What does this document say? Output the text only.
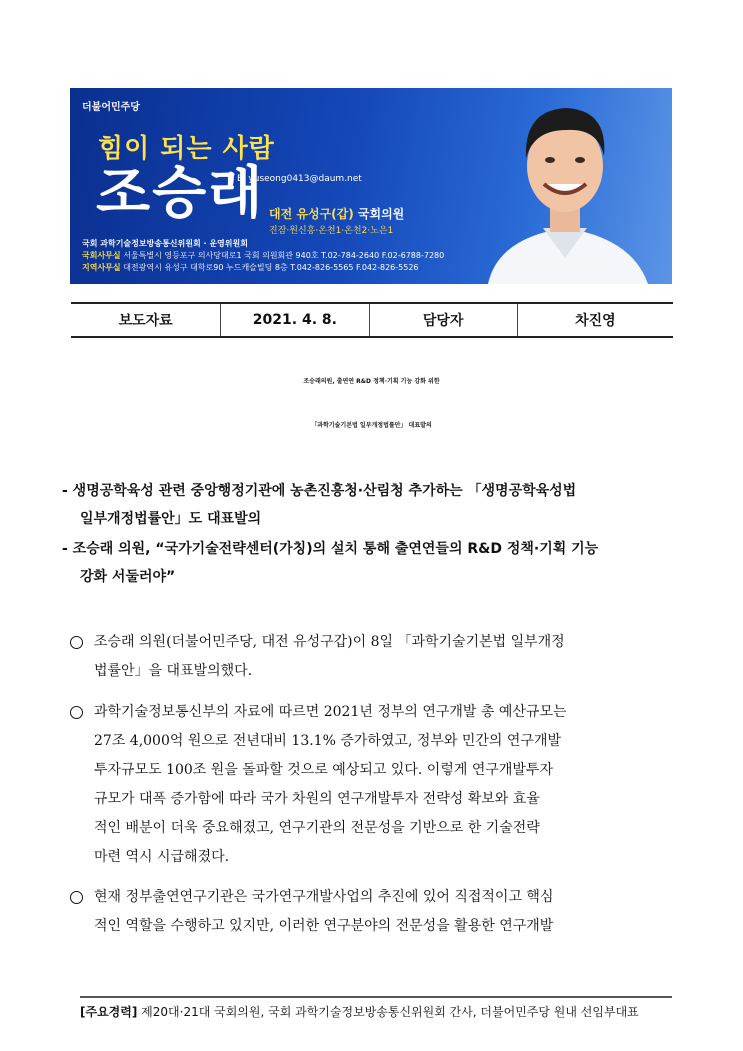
더불어민주당
힘이 되는 사람
조승래
E. yuseong0413@daum.net
대전 유성구(갑) 국회의원
진잠·원신흥·온천1·온천2·노은1
국회 과학기술정보방송통신위원회 · 운영위원회
국회사무실 서울특별시 영등포구 의사당대로1 국회 의원회관 940호 T.02-784-2640 F.02-6788-7280
지역사무실 대전광역시 유성구 대학로90 누드캐슬빌딩 8층 T.042-826-5565 F.042-826-5526
보도자료	2021. 4. 8.	담당자	차진영
조승래의원, 출연연 R&D 정책·기획 기능 강화 위한
「과학기술기본법 일부개정법률안」 대표발의
- 생명공학육성 관련 중앙행정기관에 농촌진흥청·산림청 추가하는 「생명공학육성법
일부개정법률안」도 대표발의
- 조승래 의원, “국가기술전략센터(가칭)의 설치 통해 출연연들의 R&D 정책·기획 기능
강화 서둘러야”
조승래 의원(더불어민주당, 대전 유성구갑)이 8일 「과학기술기본법 일부개정
법률안」을 대표발의했다.
과학기술정보통신부의 자료에 따르면 2021년 정부의 연구개발 총 예산규모는
27조 4,000억 원으로 전년대비 13.1% 증가하였고, 정부와 민간의 연구개발
투자규모도 100조 원을 돌파할 것으로 예상되고 있다. 이렇게 연구개발투자
규모가 대폭 증가함에 따라 국가 차원의 연구개발투자 전략성 확보와 효율
적인 배분이 더욱 중요해졌고, 연구기관의 전문성을 기반으로 한 기술전략
마련 역시 시급해졌다.
현재 정부출연연구기관은 국가연구개발사업의 추진에 있어 직접적이고 핵심
적인 역할을 수행하고 있지만, 이러한 연구분야의 전문성을 활용한 연구개발
[주요경력] 제20대·21대 국회의원, 국회 과학기술정보방송통신위원회 간사, 더불어민주당 원내 선임부대표
